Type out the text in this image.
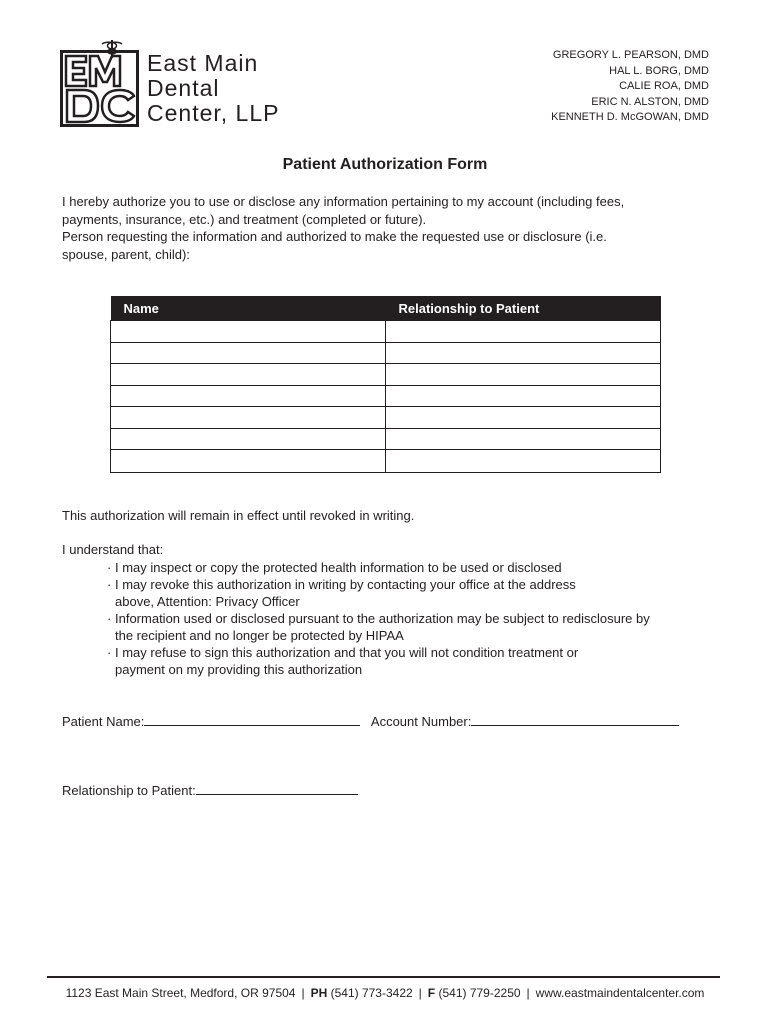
East Main
Dental
Center, LLP
GREGORY L. PEARSON, DMD
HAL L. BORG, DMD
CALIE ROA, DMD
ERIC N. ALSTON, DMD
KENNETH D. McGOWAN, DMD
Patient Authorization Form

I hereby authorize you to use or disclose any information pertaining to my account (including fees, payments, insurance, etc.) and treatment (completed or future).

Person requesting the information and authorized to make the requested use or disclosure (i.e. spouse, parent, child):

Name	Relationship to Patient

This authorization will remain in effect until revoked in writing.
I understand that:
· I may inspect or copy the protected health information to be used or disclosed
· I may revoke this authorization in writing by contacting your office at the address above, Attention: Privacy Officer
· Information used or disclosed pursuant to the authorization may be subject to redisclosure by the recipient and no longer be protected by HIPAA
· I may refuse to sign this authorization and that you will not condition treatment or payment on my providing this authorization
Patient Name:	Account Number:
Relationship to Patient:
1123 East Main Street, Medford, OR 97504 | PH (541) 773-3422 | F (541) 779-2250 | www.eastmaindentalcenter.com
